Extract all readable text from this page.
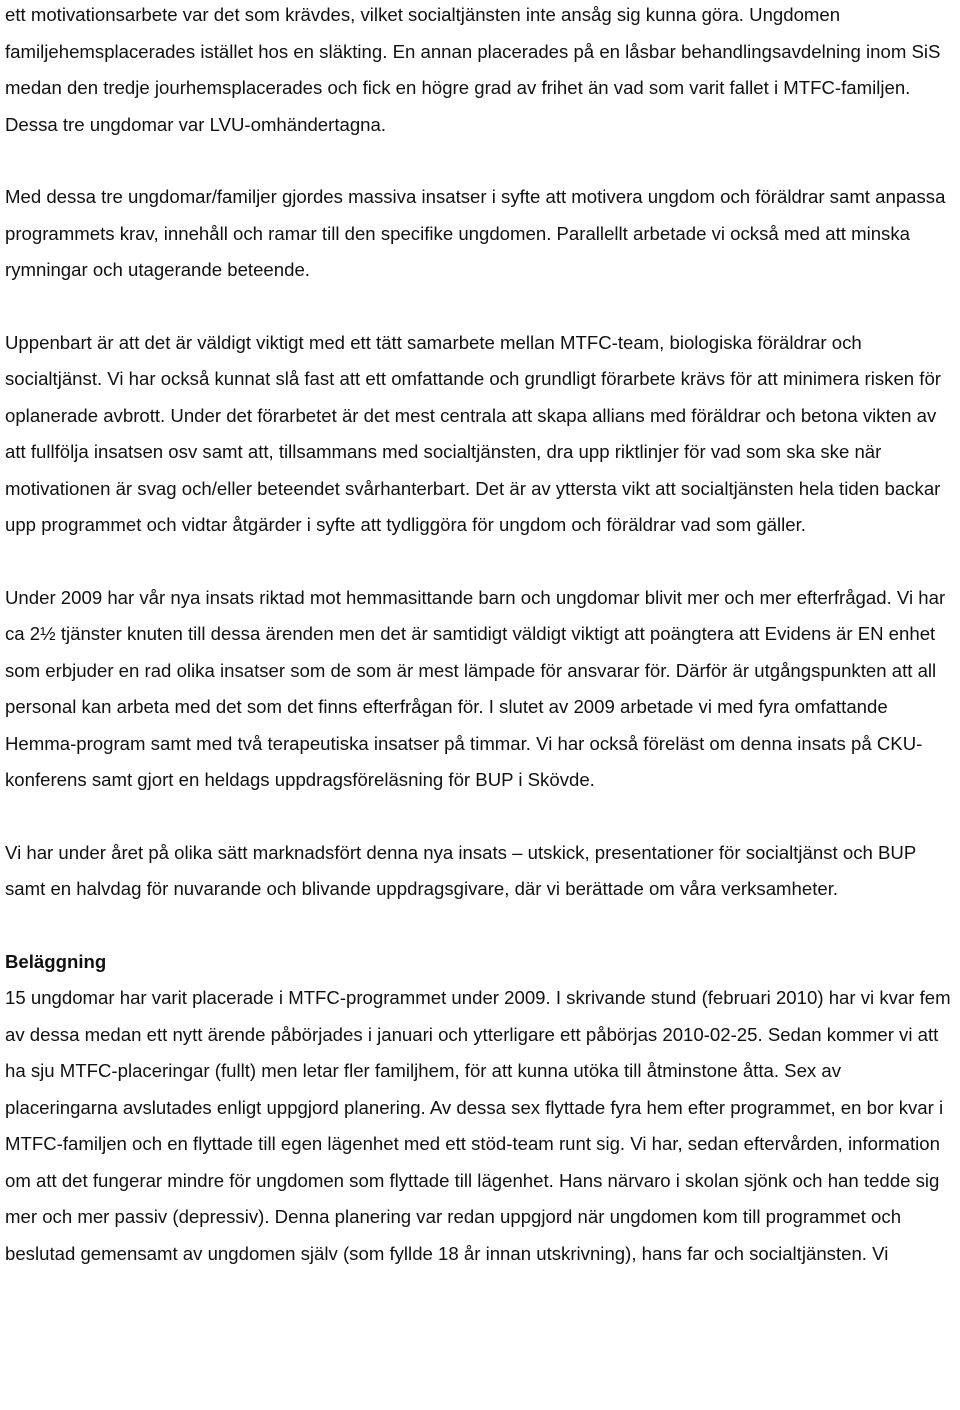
ett motivationsarbete var det som krävdes, vilket socialtjänsten inte ansåg sig kunna göra. Ungdomen familjehemsplacerades istället hos en släkting. En annan placerades på en låsbar behandlingsavdelning inom SiS medan den tredje jourhemsplacerades och fick en högre grad av frihet än vad som varit fallet i MTFC-familjen. Dessa tre ungdomar var LVU-omhändertagna.

Med dessa tre ungdomar/familjer gjordes massiva insatser i syfte att motivera ungdom och föräldrar samt anpassa programmets krav, innehåll och ramar till den specifike ungdomen. Parallellt arbetade vi också med att minska rymningar och utagerande beteende.

Uppenbart är att det är väldigt viktigt med ett tätt samarbete mellan MTFC-team, biologiska föräldrar och socialtjänst. Vi har också kunnat slå fast att ett omfattande och grundligt förarbete krävs för att minimera risken för oplanerade avbrott. Under det förarbetet är det mest centrala att skapa allians med föräldrar och betona vikten av att fullfölja insatsen osv samt att, tillsammans med socialtjänsten, dra upp riktlinjer för vad som ska ske när motivationen är svag och/eller beteendet svårhanterbart. Det är av yttersta vikt att socialtjänsten hela tiden backar upp programmet och vidtar åtgärder i syfte att tydliggöra för ungdom och föräldrar vad som gäller.

Under 2009 har vår nya insats riktad mot hemmasittande barn och ungdomar blivit mer och mer efterfrågad. Vi har ca 2½ tjänster knuten till dessa ärenden men det är samtidigt väldigt viktigt att poängtera att Evidens är EN enhet som erbjuder en rad olika insatser som de som är mest lämpade för ansvarar för. Därför är utgångspunkten att all personal kan arbeta med det som det finns efterfrågan för. I slutet av 2009 arbetade vi med fyra omfattande Hemma-program samt med två terapeutiska insatser på timmar. Vi har också föreläst om denna insats på CKU-konferens samt gjort en heldags uppdragsföreläsning för BUP i Skövde.

Vi har under året på olika sätt marknadsfört denna nya insats – utskick, presentationer för socialtjänst och BUP samt en halvdag för nuvarande och blivande uppdragsgivare, där vi berättade om våra verksamheter.

Beläggning

15 ungdomar har varit placerade i MTFC-programmet under 2009. I skrivande stund (februari 2010) har vi kvar fem av dessa medan ett nytt ärende påbörjades i januari och ytterligare ett påbörjas 2010-02-25. Sedan kommer vi att ha sju MTFC-placeringar (fullt) men letar fler familjhem, för att kunna utöka till åtminstone åtta. Sex av placeringarna avslutades enligt uppgjord planering. Av dessa sex flyttade fyra hem efter programmet, en bor kvar i MTFC-familjen och en flyttade till egen lägenhet med ett stöd-team runt sig. Vi har, sedan eftervården, information om att det fungerar mindre för ungdomen som flyttade till lägenhet. Hans närvaro i skolan sjönk och han tedde sig mer och mer passiv (depressiv). Denna planering var redan uppgjord när ungdomen kom till programmet och beslutad gemensamt av ungdomen själv (som fyllde 18 år innan utskrivning), hans far och socialtjänsten. Vi
